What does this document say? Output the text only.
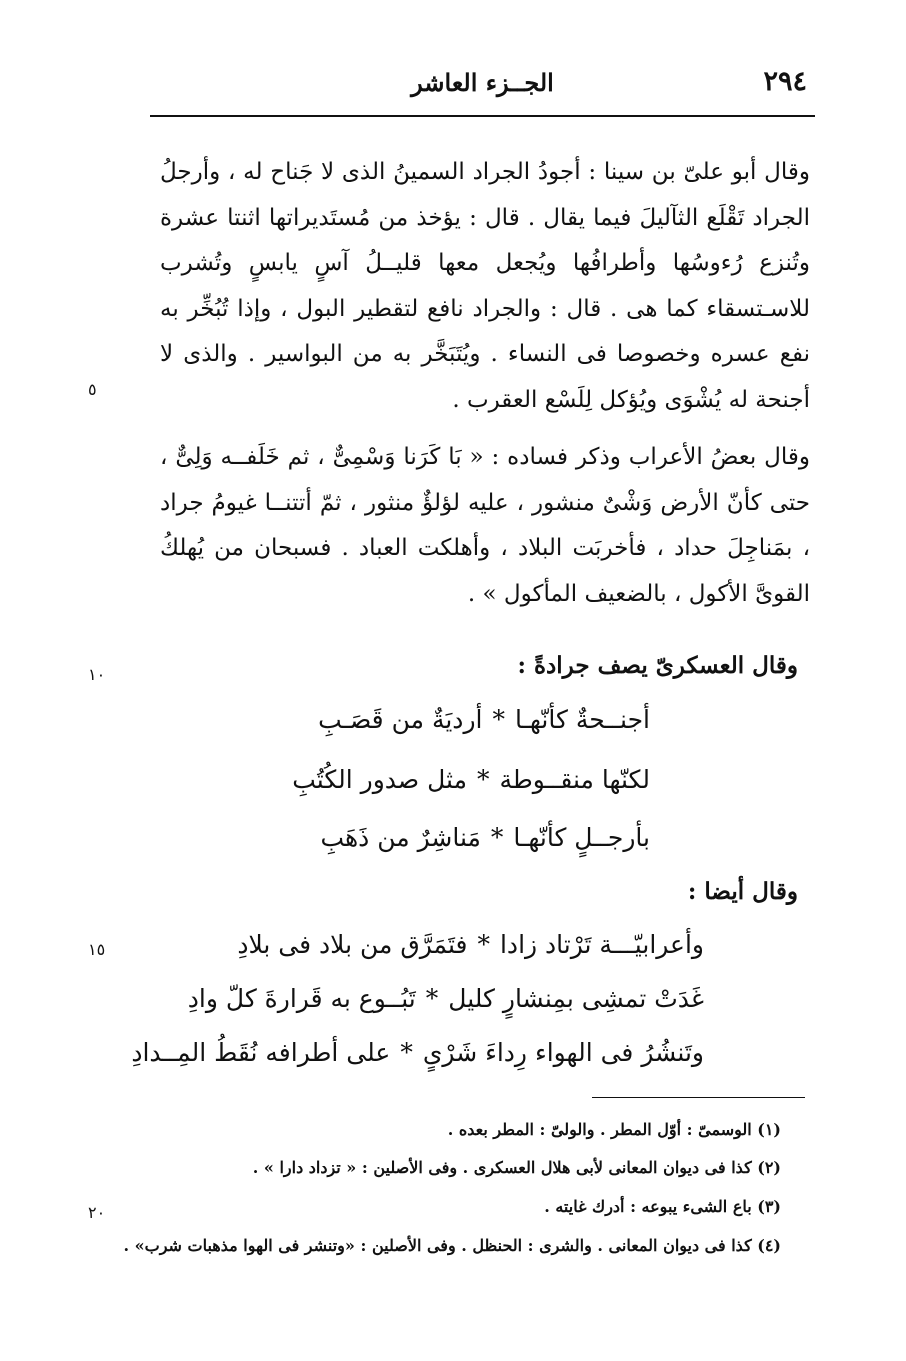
٢٩٤
الجــزء العاشر

وقال أبو علىّ بن سينا : أجودُ الجراد السمينُ الذى لا جَناح له ، وأرجلُ الجراد تَقْلَع الثآليلَ فيما يقال . قال : يؤخذ من مُستَديراتها اثنتا عشرة وتُنزع رُءوسُها وأطرافُها ويُجعل معها قليــلُ آسٍ يابسٍ وتُشرب للاسـتسقاء كما هى . قال : والجراد نافع لتقطير البول ، وإذا تُبُخِّر به نفع عسره وخصوصا فى النساء . ويُتَبَخَّر به من البواسير . والذى لا أجنحة له يُشْوَى ويُؤكل لِلَسْع العقرب .

وقال بعضُ الأعراب وذكر فساده : « بَا كَرَنا وَسْمِىٌّ ، ثم خَلَفــه وَلِىٌّ ، حتى كأنّ الأرض وَشْىٌ منشور ، عليه لؤلؤٌ منثور ، ثمّ أتتنــا غيومُ جراد ، بمَناجِلَ حداد ، فأخربَت البلاد ، وأهلكت العباد . فسبحان من يُهلكُ القوىَّ الأكول ، بالضعيف المأكول » .

وقال العسكرىّ يصف جرادةً :
أجنــحةٌ كأنّهـا*أرديَةٌ من قَصَـبِ
لكنّها منقــوطة*مثل صدور الكُتُبِ
بأرجــلٍ كأنّهـا*مَناشِرٌ من ذَهَبِ
وقال أيضا :
وأعرابيّـــة تَرْتاد زادا*فتَمَرَّق من بلاد فى بلادِ
غَدَتْ تمشِى بمِنشارٍ كليل*تَبُــوع به قَرارةَ كلّ وادِ
وتَنشُرُ فى الهواء رِداءَ شَرْىٍ*على أطرافه نُقَطُ المِــدادِ
٥
١٠
١٥
٢٠
(١) الوسمىّ : أوّل المطر . والولىّ : المطر بعده .
(٢) كذا فى ديوان المعانى لأبى هلال العسكرى . وفى الأصلين : « تزداد دارا » .
(٣) باع الشىء يبوعه : أدرك غايته .
(٤) كذا فى ديوان المعانى . والشرى : الحنظل . وفى الأصلين : «وتنشر فى الهوا مذهبات شرب» .
